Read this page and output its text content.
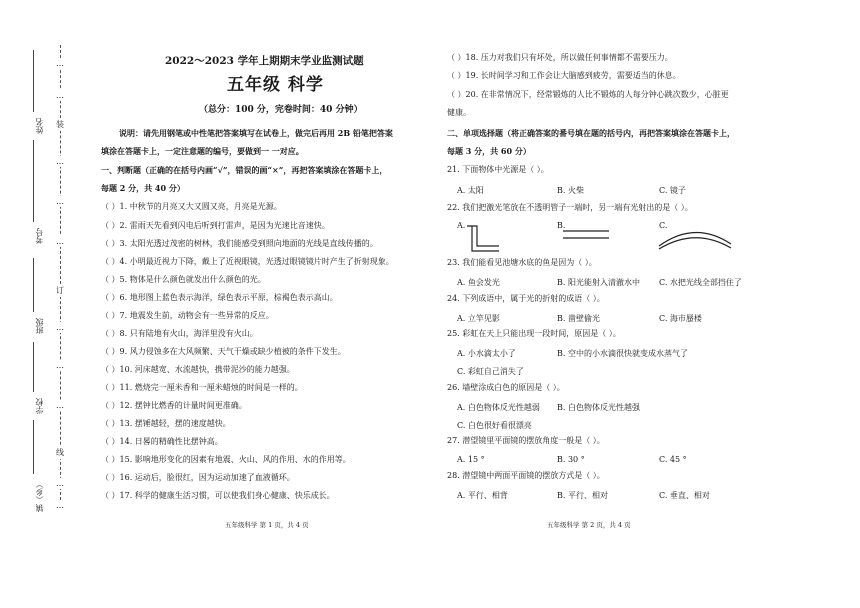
…
…
装
…
…
…
订
…
…
…
线
…
…
姓名
考号
班级
学校
镇（乡）
2022～2023 学年上期期末学业监测试题
五年级 科学
（总分：100 分，完卷时间：40 分钟）
说明：请先用钢笔或中性笔把答案填写在试卷上，做完后再用 2B 铅笔把答案
填涂在答题卡上，一定注意题的编号，要做到一 一对应。
一、判断题（正确的在括号内画“√”，错误的画“×”，再把答案填涂在答题卡上，
每题 2 分，共 40 分）
（ ）1. 中秋节的月亮又大又圆又亮，月亮是光源。
（ ）2. 雷雨天先看到闪电后听到打雷声，是因为光速比音速快。
（ ）3. 太阳光透过茂密的树林，我们能感受到照向地面的光线是直线传播的。
（ ）4. 小明最近视力下降，戴上了近视眼镜，光透过眼镜镜片时产生了折射现象。
（ ）5. 物体是什么颜色就发出什么颜色的光。
（ ）6. 地形图上蓝色表示海洋，绿色表示平原，棕褐色表示高山。
（ ）7. 地震发生前，动物会有一些异常的反应。
（ ）8. 只有陆地有火山，海洋里没有火山。
（ ）9. 风力侵蚀多在大风频繁、天气干燥或缺少植被的条件下发生。
（ ）10. 河床越宽、水流越快，携带泥沙的能力越强。
（ ）11. 燃烧完一厘米香和一厘米蜡烛的时间是一样的。
（ ）12. 摆钟比燃香的计量时间更准确。
（ ）13. 摆锤越轻，摆的速度越快。
（ ）14. 日晷的精确性比摆钟高。
（ ）15. 影响地形变化的因素有地震、火山、风的作用、水的作用等。
（ ）16. 运动后，脸很红，因为运动加速了血液循环。
（ ）17. 科学的健康生活习惯，可以使我们身心健康、快乐成长。
五年级科学 第 1 页，共 4 页
（ ）18. 压力对我们只有坏处，所以做任何事情都不需要压力。
（ ）19. 长时间学习和工作会让大脑感到疲劳，需要适当的休息。
（ ）20. 在非常情况下，经常锻炼的人比不锻炼的人每分钟心跳次数少，心脏更
健康。
二、单项选择题（将正确答案的番号填在题的括号内，再把答案填涂在答题卡上，
每题 3 分，共 60 分）
21. 下面物体中光源是（ ）。
A. 太阳	B. 火柴	C. 镜子
22. 我们把激光笔放在不透明管子一端时，另一端有光射出的是（ ）。
A.	B.	C.
23. 我们能看见池塘水底的鱼是因为（ ）。
A. 鱼会发光	B. 阳光能射入清澈水中 C. 水把光线全部挡住了
24. 下列成语中，属于光的折射的成语（ ）。
A. 立竿见影	B. 凿壁偷光	C. 海市蜃楼
25. 彩虹在天上只能出现一段时间，原因是（ ）。
A. 小水滴太小了	B. 空中的小水滴很快就变成水蒸气了
C. 彩虹自己消失了
26. 墙壁涂成白色的原因是（ ）。
A. 白色物体反光性越弱 B. 白色物体反光性越强
C. 白色很好看很漂亮
27. 潜望镜里平面镜的摆放角度一般是（ ）。
A. 15 °	B. 30 °	C. 45 °
28. 潜望镜中两面平面镜的摆放方式是（ ）。
A. 平行、相背	B. 平行、相对	C. 垂直、相对
五年级科学 第 2 页，共 4 页
